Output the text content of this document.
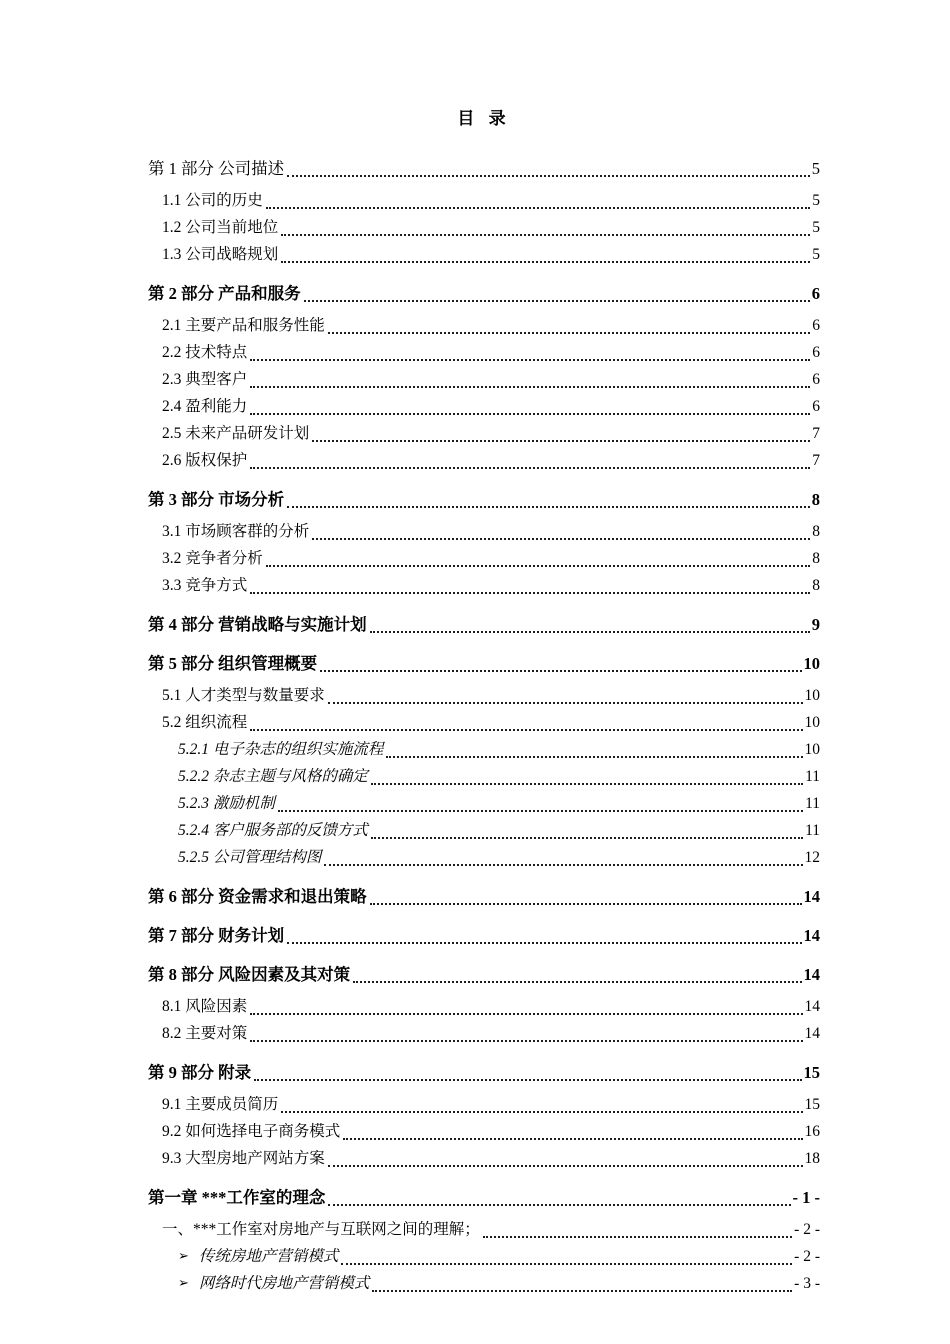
目 录
第 1 部分 公司描述	5
1.1 公司的历史	5
1.2 公司当前地位	5
1.3 公司战略规划	5
第 2 部分 产品和服务	6
2.1 主要产品和服务性能	6
2.2 技术特点	6
2.3 典型客户	6
2.4 盈利能力	6
2.5 未来产品研发计划	7
2.6 版权保护	7
第 3 部分 市场分析	8
3.1 市场顾客群的分析	8
3.2 竞争者分析	8
3.3 竞争方式	8
第 4 部分 营销战略与实施计划	9
第 5 部分 组织管理概要	10
5.1 人才类型与数量要求	10
5.2 组织流程	10
5.2.1 电子杂志的组织实施流程	10
5.2.2 杂志主题与风格的确定	11
5.2.3 激励机制	11
5.2.4 客户服务部的反馈方式	11
5.2.5 公司管理结构图	12
第 6 部分 资金需求和退出策略	14
第 7 部分 财务计划	14
第 8 部分 风险因素及其对策	14
8.1 风险因素	14
8.2 主要对策	14
第 9 部分 附录	15
9.1 主要成员简历	15
9.2 如何选择电子商务模式	16
9.3 大型房地产网站方案	18
第一章 ***工作室的理念	- 1 -
一、***工作室对房地产与互联网之间的理解；	- 2 -
➢ 传统房地产营销模式	- 2 -
➢ 网络时代房地产营销模式	- 3 -
